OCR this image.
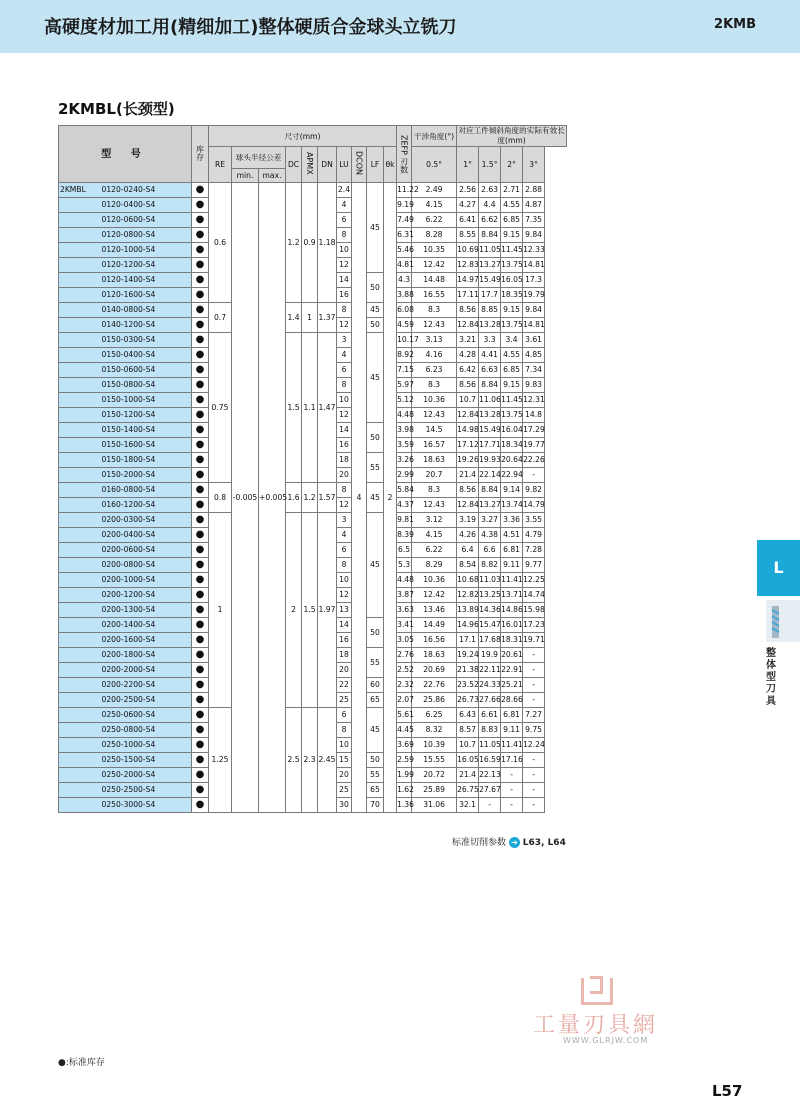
高硬度材加工用(精细加工)整体硬质合金球头立铣刀	2KMB
2KMBL(长颈型)
型 号		库存	尺寸(mm)										ZEFP 刃数	干涉角度(°)	对应工件倾斜角度的实际有效长度(mm)			
			RE	球头半径公差		DC	APMX	DN	LU	DCON	LF	θk		0.5°	1°	1.5°	2°	3°
				min.	max.													
2KMBL	0120-0240-S4	●	0.6	-0.005	+0.005	1.2	0.9	1.18	2.4	4	45	2	11.22	2.49	2.56	2.63	2.71	2.88
	0120-0400-S4	●							4				9.19	4.15	4.27	4.4	4.55	4.87
	0120-0600-S4	●							6				7.49	6.22	6.41	6.62	6.85	7.35
	0120-0800-S4	●							8				6.31	8.28	8.55	8.84	9.15	9.84
	0120-1000-S4	●							10				5.46	10.35	10.69	11.05	11.45	12.33
	0120-1200-S4	●							12				4.81	12.42	12.83	13.27	13.75	14.81
	0120-1400-S4	●							14		50		4.3	14.48	14.97	15.49	16.05	17.3
	0120-1600-S4	●							16				3.88	16.55	17.11	17.7	18.35	19.79
	0140-0800-S4	●	0.7			1.4	1	1.37	8		45		6.08	8.3	8.56	8.85	9.15	9.84
	0140-1200-S4	●							12		50		4.59	12.43	12.84	13.28	13.75	14.81
	0150-0300-S4	●	0.75			1.5	1.1	1.47	3		45		10.17	3.13	3.21	3.3	3.4	3.61
	0150-0400-S4	●							4				8.92	4.16	4.28	4.41	4.55	4.85
	0150-0600-S4	●							6				7.15	6.23	6.42	6.63	6.85	7.34
	0150-0800-S4	●							8				5.97	8.3	8.56	8.84	9.15	9.83
	0150-1000-S4	●							10				5.12	10.36	10.7	11.06	11.45	12.31
	0150-1200-S4	●							12				4.48	12.43	12.84	13.28	13.75	14.8
	0150-1400-S4	●							14		50		3.98	14.5	14.98	15.49	16.04	17.29
	0150-1600-S4	●							16				3.59	16.57	17.12	17.71	18.34	19.77
	0150-1800-S4	●							18		55		3.26	18.63	19.26	19.93	20.64	22.26
	0150-2000-S4	●							20				2.99	20.7	21.4	22.14	22.94	-
	0160-0800-S4	●	0.8			1.6	1.2	1.57	8		45		5.84	8.3	8.56	8.84	9.14	9.82
	0160-1200-S4	●							12				4.37	12.43	12.84	13.27	13.74	14.79
	0200-0300-S4	●	1			2	1.5	1.97	3		45		9.81	3.12	3.19	3.27	3.36	3.55
	0200-0400-S4	●							4				8.39	4.15	4.26	4.38	4.51	4.79
	0200-0600-S4	●							6				6.5	6.22	6.4	6.6	6.81	7.28
	0200-0800-S4	●							8				5.3	8.29	8.54	8.82	9.11	9.77
	0200-1000-S4	●							10				4.48	10.36	10.68	11.03	11.41	12.25
	0200-1200-S4	●							12				3.87	12.42	12.82	13.25	13.71	14.74
	0200-1300-S4	●							13				3.63	13.46	13.89	14.36	14.86	15.98
	0200-1400-S4	●							14		50		3.41	14.49	14.96	15.47	16.01	17.23
	0200-1600-S4	●							16				3.05	16.56	17.1	17.68	18.31	19.71
	0200-1800-S4	●							18		55		2.76	18.63	19.24	19.9	20.61	-
	0200-2000-S4	●							20				2.52	20.69	21.38	22.11	22.91	-
	0200-2200-S4	●							22		60		2.32	22.76	23.52	24.33	25.21	-
	0200-2500-S4	●							25		65		2.07	25.86	26.73	27.66	28.66	-
	0250-0600-S4	●	1.25			2.5	2.3	2.45	6		45		5.61	6.25	6.43	6.61	6.81	7.27
	0250-0800-S4	●							8				4.45	8.32	8.57	8.83	9.11	9.75
	0250-1000-S4	●							10				3.69	10.39	10.7	11.05	11.41	12.24
	0250-1500-S4	●							15		50		2.59	15.55	16.05	16.59	17.16	-
	0250-2000-S4	●							20		55		1.99	20.72	21.4	22.13	-	-
	0250-2500-S4	●							25		65		1.62	25.89	26.75	27.67	-	-
	0250-3000-S4	●							30		70		1.36	31.06	32.1	-	-	-
标准切削参数 ➜ L63, L64
L
整体型刀具
工量刃具網
WWW.GLRJW.COM
●:标准库存
L57
